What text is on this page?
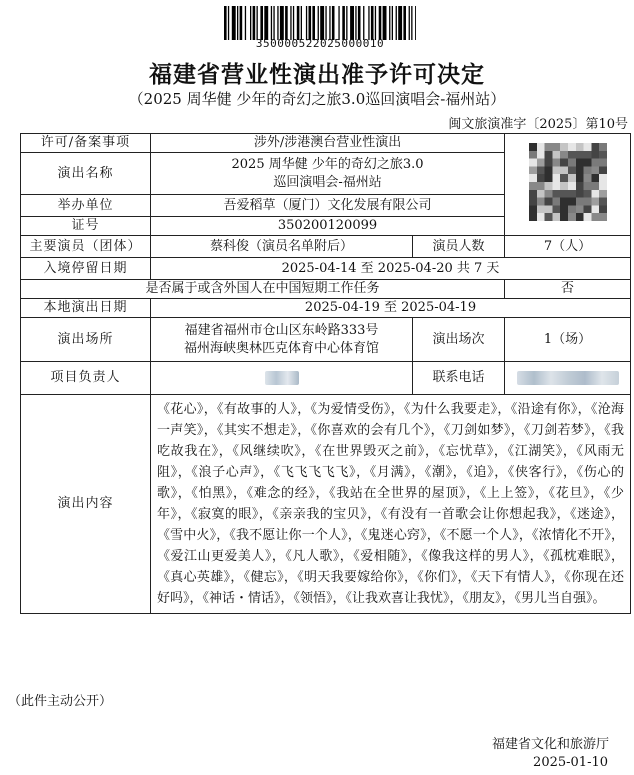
350000522025000010
福建省营业性演出准予许可决定
（2025 周华健 少年的奇幻之旅3.0巡回演唱会-福州站）
闽文旅演准字〔2025〕第10号
许可/备案事项	涉外/涉港澳台营业性演出	
演出名称	2025 周华健 少年的奇幻之旅3.0
巡回演唱会-福州站		

举办单位	吾爱稻草（厦门）文化发展有限公司		
证号	350200120099		
主要演员（团体）	蔡科俊（演员名单附后）	演员人数	7（人）
入境停留日期	2025-04-14 至 2025-04-20 共 7 天		
是否属于或含外国人在中国短期工作任务			否
本地演出日期	2025-04-19 至 2025-04-19		
演出场所	福建省福州市仓山区东岭路333号
福州海峡奥林匹克体育中心体育馆	演出场次	1（场）
项目负责人		联系电话	
演出内容	《花心》，《有故事的人》，《为爱情受伤》，《为什么我要走》，《沿途有你》，《沧海一声笑》，《其实不想走》，《你喜欢的会有几个》，《刀剑如梦》，《刀剑若梦》，《我吃故我在》，《风继续吹》，《在世界毁灭之前》，《忘忧草》，《江湖笑》，《风雨无阻》，《浪子心声》，《飞飞飞飞飞》，《月满》，《潮》，《追》，《侠客行》，《伤心的歌》，《怕黑》，《难念的经》，《我站在全世界的屋顶》，《上上签》，《花旦》，《少年》，《寂寞的眼》，《亲亲我的宝贝》，《有没有一首歌会让你想起我》，《迷途》，《雪中火》，《我不愿让你一个人》，《鬼迷心窍》，《不愿一个人》，《浓情化不开》，《爱江山更爱美人》，《凡人歌》，《爱相随》，《像我这样的男人》，《孤枕难眠》，《真心英雄》，《健忘》，《明天我要嫁给你》，《你们》，《天下有情人》，《你现在还好吗》，《神话・情话》，《领悟》，《让我欢喜让我忧》，《朋友》，《男儿当自强》。		
（此件主动公开）
福建省文化和旅游厅
2025-01-10
